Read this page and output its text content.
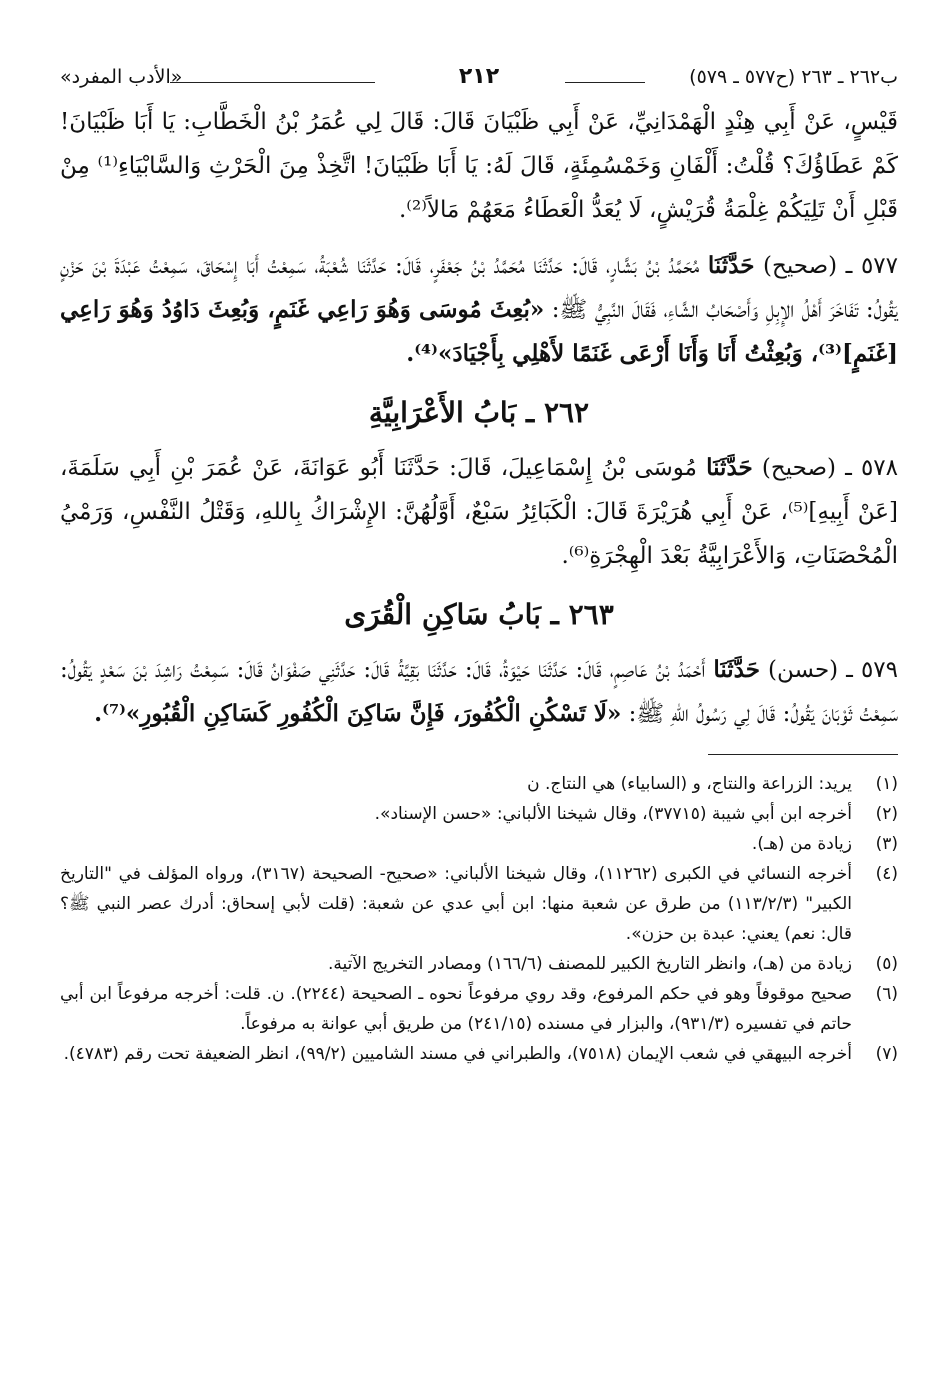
ب٢٦٢ ـ ٢٦٣ (ح٥٧٧ ـ ٥٧٩)
٢١٢
«الأدب المفرد»

قَيْسٍ، عَنْ أَبِي هِنْدٍ الْهَمْدَانِيِّ، عَنْ أَبِي ظَبْيَانَ قَالَ: قَالَ لِي عُمَرُ بْنُ الْخَطَّابِ: يَا أَبَا ظَبْيَانَ! كَمْ عَطَاؤُكَ؟ قُلْتُ: أَلْفَانِ وَخَمْسُمِئَةٍ، قَالَ لَهُ: يَا أَبَا ظَبْيَانَ! اتَّخِذْ مِنَ الْحَرْثِ وَالسَّابْيَاءِ⁽¹⁾ مِنْ قَبْلِ أَنْ تَلِيَكُمْ غِلْمَةُ قُرَيْشٍ، لَا يُعَدُّ الْعَطَاءُ مَعَهُمْ مَالاً⁽²⁾.

٥٧٧ ـ (صحيح) حَدَّثَنَا مُحَمَّدُ بْنُ بَشَّارٍ، قَالَ: حَدَّثَنَا مُحَمَّدُ بْنُ جَعْفَرٍ، قَالَ: حَدَّثَنَا شُعْبَةُ، سَمِعْتُ أَبَا إِسْحَاقَ، سَمِعْتُ عَبْدَةَ بْنَ حَزْنٍ يَقُولُ: تَفَاخَرَ أَهْلُ الإِبِلِ وَأَصْحَابُ الشَّاءِ، فَقَالَ النَّبِيُّ ﷺ: «بُعِثَ مُوسَى وَهُوَ رَاعِي غَنَمٍ، وَبُعِثَ دَاوُدُ وَهُوَ رَاعِي [غَنَمٍ]⁽³⁾، وَبُعِثْتُ أَنَا وَأَنَا أَرْعَى غَنَمًا لأَهْلِي بِأَجْيَادَ»⁽⁴⁾.

٢٦٢ ـ بَابُ الأَعْرَابِيَّةِ

٥٧٨ ـ (صحيح) حَدَّثَنَا مُوسَى بْنُ إِسْمَاعِيلَ، قَالَ: حَدَّثَنَا أَبُو عَوَانَةَ، عَنْ عُمَرَ بْنِ أَبِي سَلَمَةَ، [عَنْ أَبِيهِ]⁽⁵⁾، عَنْ أَبِي هُرَيْرَةَ قَالَ: الْكَبَائِرُ سَبْعٌ، أَوَّلُهُنَّ: الإِشْرَاكُ بِاللهِ، وَقَتْلُ النَّفْسِ، وَرَمْيُ الْمُحْصَنَاتِ، وَالأَعْرَابِيَّةُ بَعْدَ الْهِجْرَةِ⁽⁶⁾.

٢٦٣ ـ بَابُ سَاكِنِ الْقُرَى

٥٧٩ ـ (حسن) حَدَّثَنَا أَحْمَدُ بْنُ عَاصِمٍ، قَالَ: حَدَّثَنَا حَيْوَةُ، قَالَ: حَدَّثَنَا بَقِيَّةُ قَالَ: حَدَّثَنِي صَفْوَانُ قَالَ: سَمِعْتُ رَاشِدَ بْنَ سَعْدٍ يَقُولُ: سَمِعْتُ ثَوْبَانَ يَقُولُ: قَالَ لِي رَسُولُ اللهِ ﷺ: «لَا تَسْكُنِ الْكُفُورَ، فَإِنَّ سَاكِنَ الْكُفُورِ كَسَاكِنِ الْقُبُورِ»⁽⁷⁾.

(١)
يريد: الزراعة والنتاج، و (السابياء) هي النتاج. ن
(٢)
أخرجه ابن أبي شيبة (٣٧٧١٥)، وقال شيخنا الألباني: «حسن الإسناد».
(٣)
زيادة من (هـ).
(٤)
أخرجه النسائي في الكبرى (١١٢٦٢)، وقال شيخنا الألباني: «صحيح- الصحيحة (٣١٦٧)، ورواه المؤلف في "التاريخ الكبير" (١١٣/٢/٣) من طرق عن شعبة منها: ابن أبي عدي عن شعبة: (قلت لأبي إسحاق: أدرك عصر النبي ﷺ؟ قال: نعم) يعني: عبدة بن حزن».
(٥)
زيادة من (هـ)، وانظر التاريخ الكبير للمصنف (١٦٦/٦) ومصادر التخريج الآتية.
(٦)
صحيح موقوفاً وهو في حكم المرفوع، وقد روي مرفوعاً نحوه ـ الصحيحة (٢٢٤٤). ن. قلت: أخرجه مرفوعاً ابن أبي حاتم في تفسيره (٩٣١/٣)، والبزار في مسنده (٢٤١/١٥) من طريق أبي عوانة به مرفوعاً.
(٧)
أخرجه البيهقي في شعب الإيمان (٧٥١٨)، والطبراني في مسند الشاميين (٩٩/٢)، انظر الضعيفة تحت رقم (٤٧٨٣).
